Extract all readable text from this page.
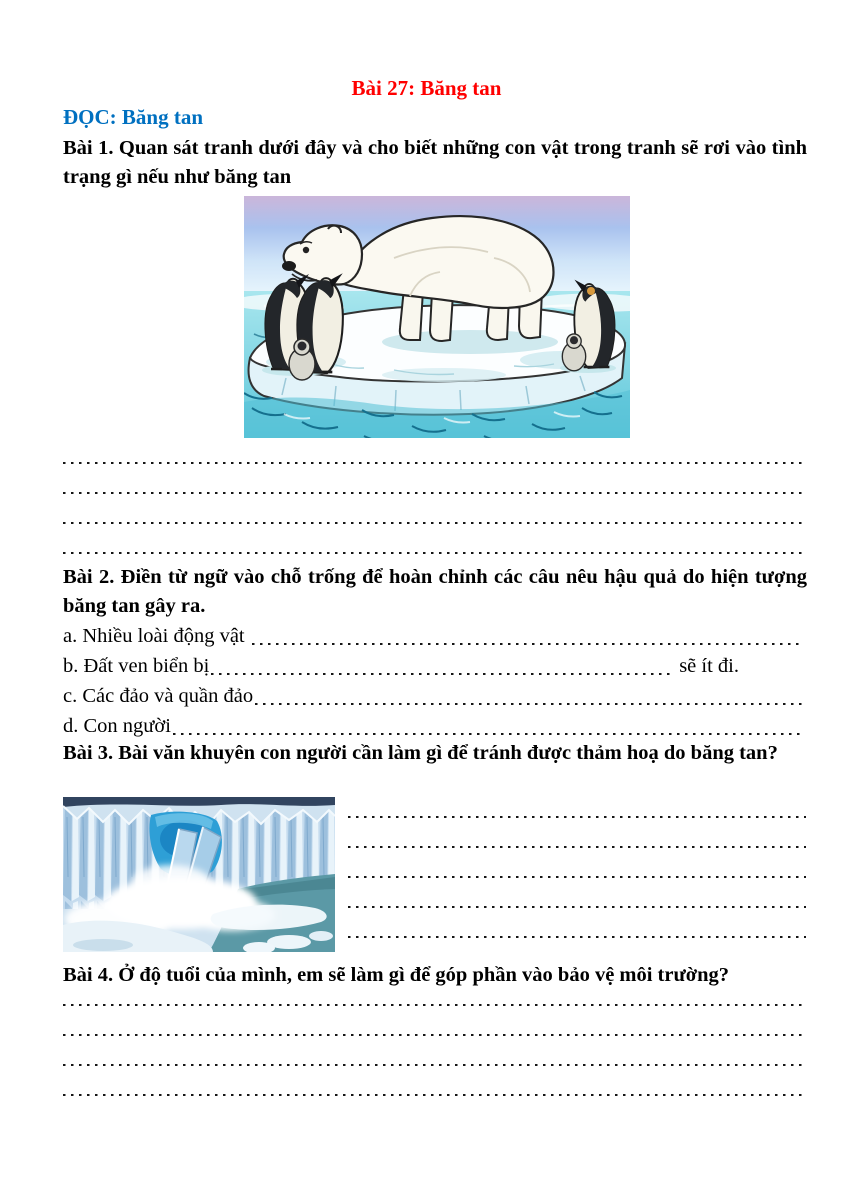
Bài 27: Băng tan
ĐỌC: Băng tan
Bài 1. Quan sát tranh dưới đây và cho biết những con vật trong tranh sẽ rơi vào tình trạng gì nếu như băng tan
Bài 2. Điền từ ngữ vào chỗ trống để hoàn chỉnh các câu nêu hậu quả do hiện tượng băng tan gây ra.
a. Nhiều loài động vật
b. Đất ven biển bị	sẽ ít đi.
c. Các đảo và quần đảo
d. Con người
Bài 3. Bài văn khuyên con người cần làm gì để tránh được thảm hoạ do băng tan?
Bài 4. Ở độ tuổi của mình, em sẽ làm gì để góp phần vào bảo vệ môi trường?
